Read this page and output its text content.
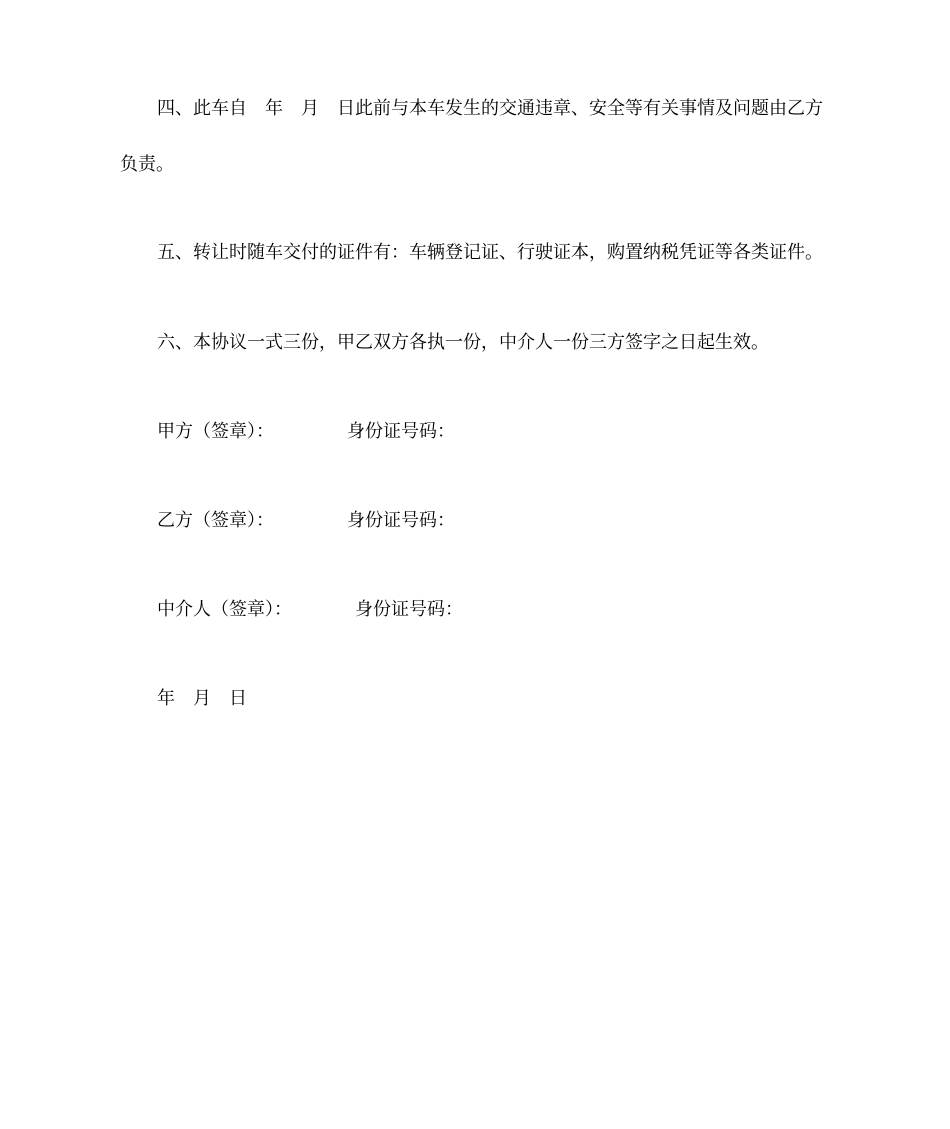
四、此车自　年　月　日此前与本车发生的交通违章、安全等有关事情及问题由乙方
负责。
五、转让时随车交付的证件有：车辆登记证、行驶证本，购置纳税凭证等各类证件。
六、本协议一式三份，甲乙双方各执一份，中介人一份三方签字之日起生效。
甲方（签章）：	身份证号码：
乙方（签章）：	身份证号码：
中介人（签章）：	身份证号码：
年　月　日
